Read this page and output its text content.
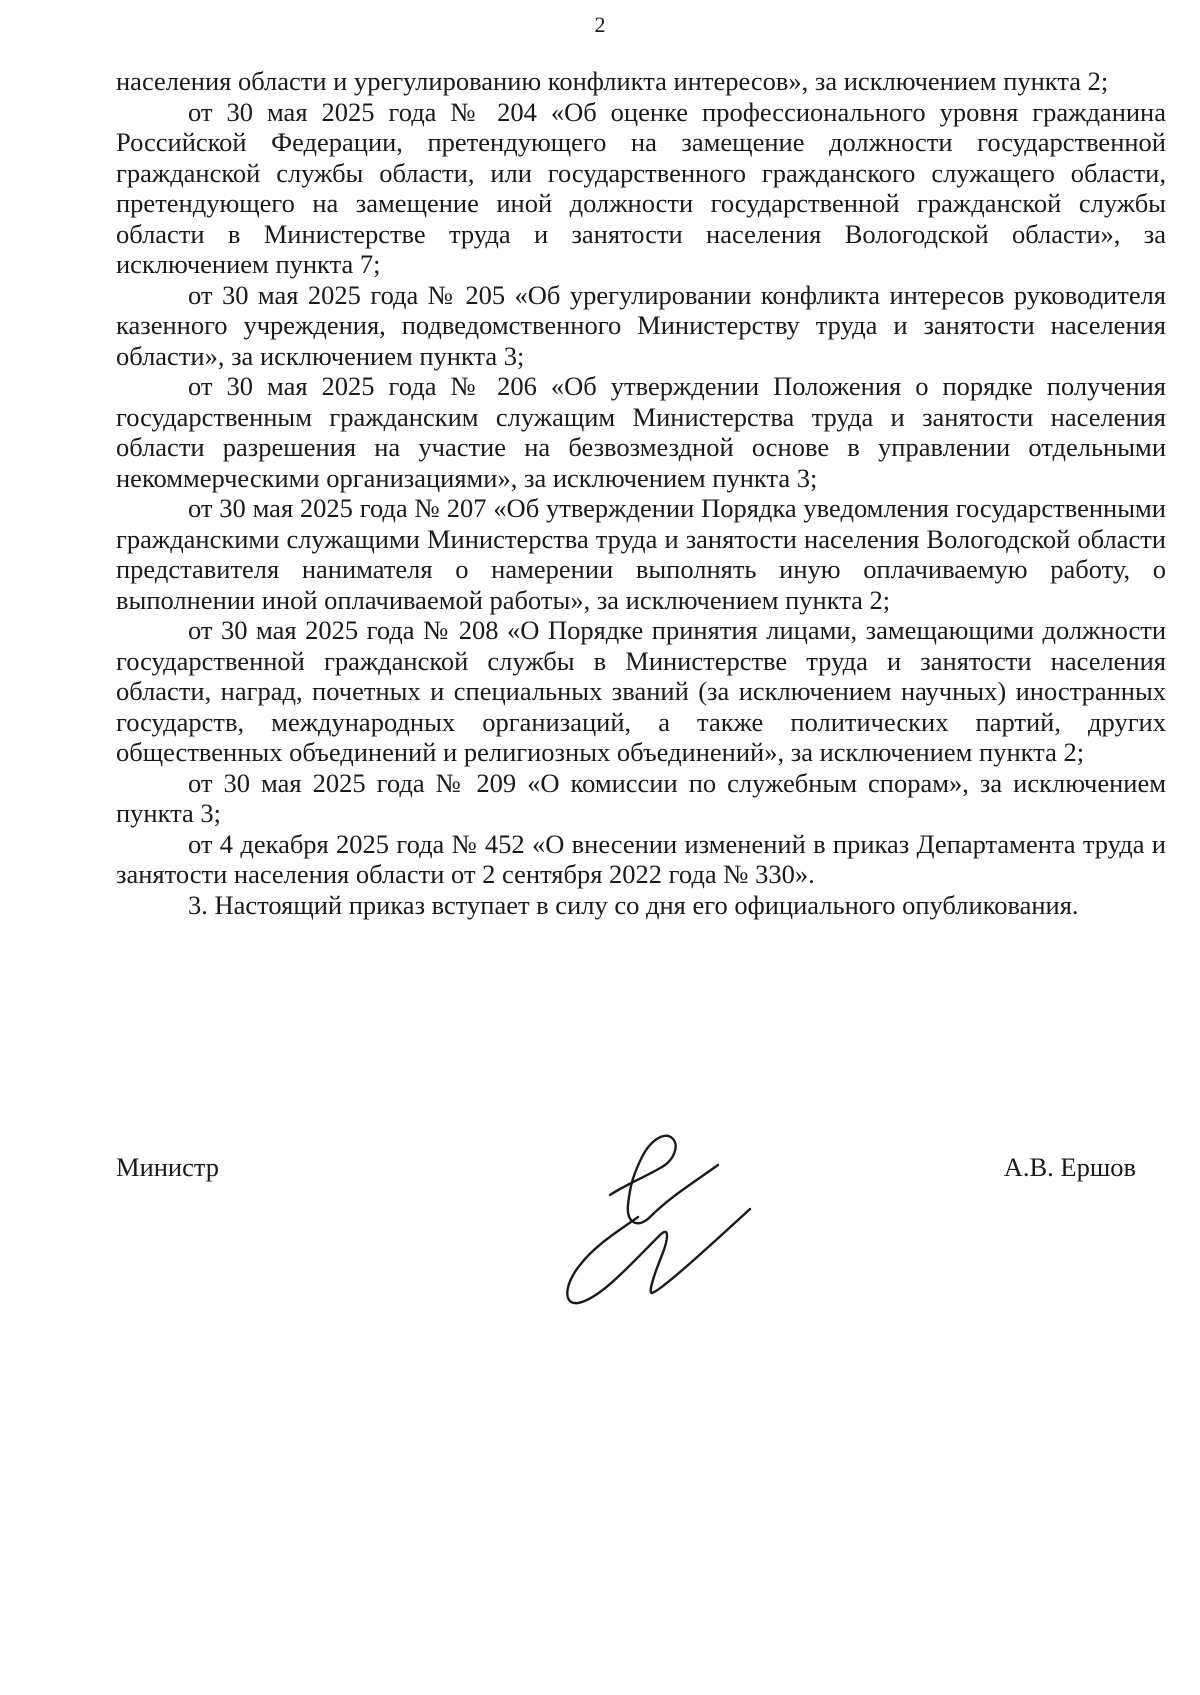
2

населения области и урегулированию конфликта интересов», за исключением пункта 2;

от 30 мая 2025 года № 204 «Об оценке профессионального уровня гражданина Российской Федерации, претендующего на замещение должности государственной гражданской службы области, или государственного гражданского служащего области, претендующего на замещение иной должности государственной гражданской службы области в Министерстве труда и занятости населения Вологодской области», за исключением пункта 7;

от 30 мая 2025 года № 205 «Об урегулировании конфликта интересов руководителя казенного учреждения, подведомственного Министерству труда и занятости населения области», за исключением пункта 3;

от 30 мая 2025 года № 206 «Об утверждении Положения о порядке получения государственным гражданским служащим Министерства труда и занятости населения области разрешения на участие на безвозмездной основе в управлении отдельными некоммерческими организациями», за исключением пункта 3;

от 30 мая 2025 года № 207 «Об утверждении Порядка уведомления государственными гражданскими служащими Министерства труда и занятости населения Вологодской области представителя нанимателя о намерении выполнять иную оплачиваемую работу, о выполнении иной оплачиваемой работы», за исключением пункта 2;

от 30 мая 2025 года № 208 «О Порядке принятия лицами, замещающими должности государственной гражданской службы в Министерстве труда и занятости населения области, наград, почетных и специальных званий (за исключением научных) иностранных государств, международных организаций, а также политических партий, других общественных объединений и религиозных объединений», за исключением пункта 2;

от 30 мая 2025 года № 209 «О комиссии по служебным спорам», за исключением пункта 3;

от 4 декабря 2025 года № 452 «О внесении изменений в приказ Департамента труда и занятости населения области от 2 сентября 2022 года № 330».

3. Настоящий приказ вступает в силу со дня его официального опубликования.

Министр	А.В. Ершов
